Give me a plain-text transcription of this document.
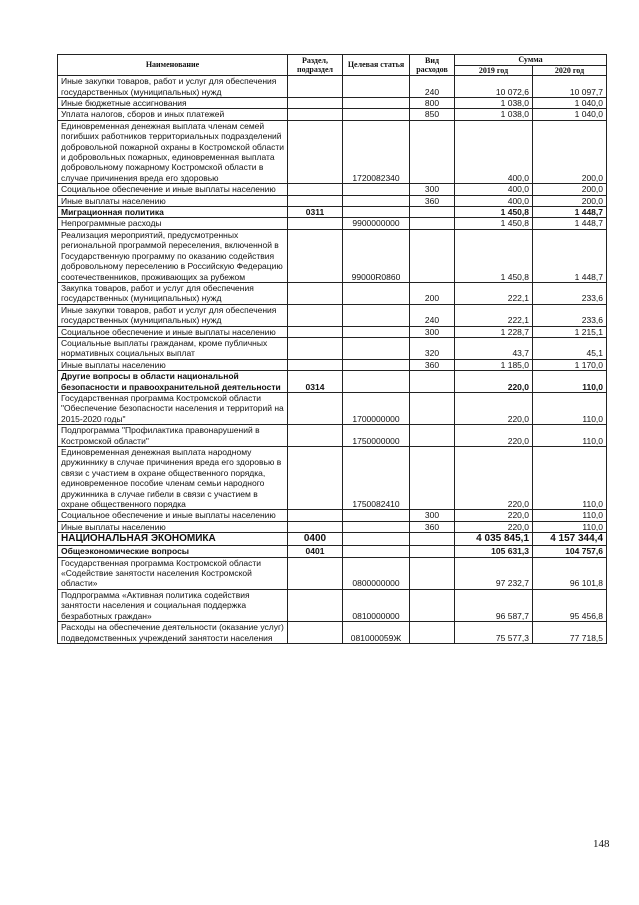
Наименование	Раздел, подраздел	Целевая статья	Вид расходов	Сумма	
				2019 год	2020 год
Иные закупки товаров, работ и услуг для обеспечения государственных (муниципальных) нужд			240	10 072,6	10 097,7
Иные бюджетные ассигнования			800	1 038,0	1 040,0
Уплата налогов, сборов и иных платежей			850	1 038,0	1 040,0
Единовременная денежная выплата членам семей погибших работников территориальных подразделений добровольной пожарной охраны в Костромской области и добровольных пожарных, единовременная выплата добровольному пожарному Костромской области в случае причинения вреда его здоровью		1720082340		400,0	200,0
Социальное обеспечение и иные выплаты населению			300	400,0	200,0
Иные выплаты населению			360	400,0	200,0
Миграционная политика	0311			1 450,8	1 448,7
Непрограммные расходы		9900000000		1 450,8	1 448,7
Реализация мероприятий, предусмотренных региональной программой переселения, включенной в Государственную программу по оказанию содействия добровольному переселению в Российскую Федерацию соотечественников, проживающих за рубежом		99000R0860		1 450,8	1 448,7
Закупка товаров, работ и услуг для обеспечения государственных (муниципальных) нужд			200	222,1	233,6
Иные закупки товаров, работ и услуг для обеспечения государственных (муниципальных) нужд			240	222,1	233,6
Социальное обеспечение и иные выплаты населению			300	1 228,7	1 215,1
Социальные выплаты гражданам, кроме публичных нормативных социальных выплат			320	43,7	45,1
Иные выплаты населению			360	1 185,0	1 170,0
Другие вопросы в области национальной безопасности и правоохранительной деятельности	0314			220,0	110,0
Государственная программа Костромской области "Обеспечение безопасности населения и территорий на 2015-2020 годы"		1700000000		220,0	110,0
Подпрограмма "Профилактика правонарушений в Костромской области"		1750000000		220,0	110,0
Единовременная денежная выплата народному дружиннику в случае причинения вреда его здоровью в связи с участием в охране общественного порядка, единовременное пособие членам семьи народного дружинника в случае гибели в связи с участием в охране общественного порядка		1750082410		220,0	110,0
Социальное обеспечение и иные выплаты населению			300	220,0	110,0
Иные выплаты населению			360	220,0	110,0
НАЦИОНАЛЬНАЯ ЭКОНОМИКА	0400			4 035 845,1	4 157 344,4
Общеэкономические вопросы	0401			105 631,3	104 757,6
Государственная программа Костромской области «Содействие занятости населения Костромской области»		0800000000		97 232,7	96 101,8
Подпрограмма «Активная политика содействия занятости населения и социальная поддержка безработных граждан»		0810000000		96 587,7	95 456,8
Расходы на обеспечение деятельности (оказание услуг) подведомственных учреждений занятости населения		081000059Ж		75 577,3	77 718,5
148
